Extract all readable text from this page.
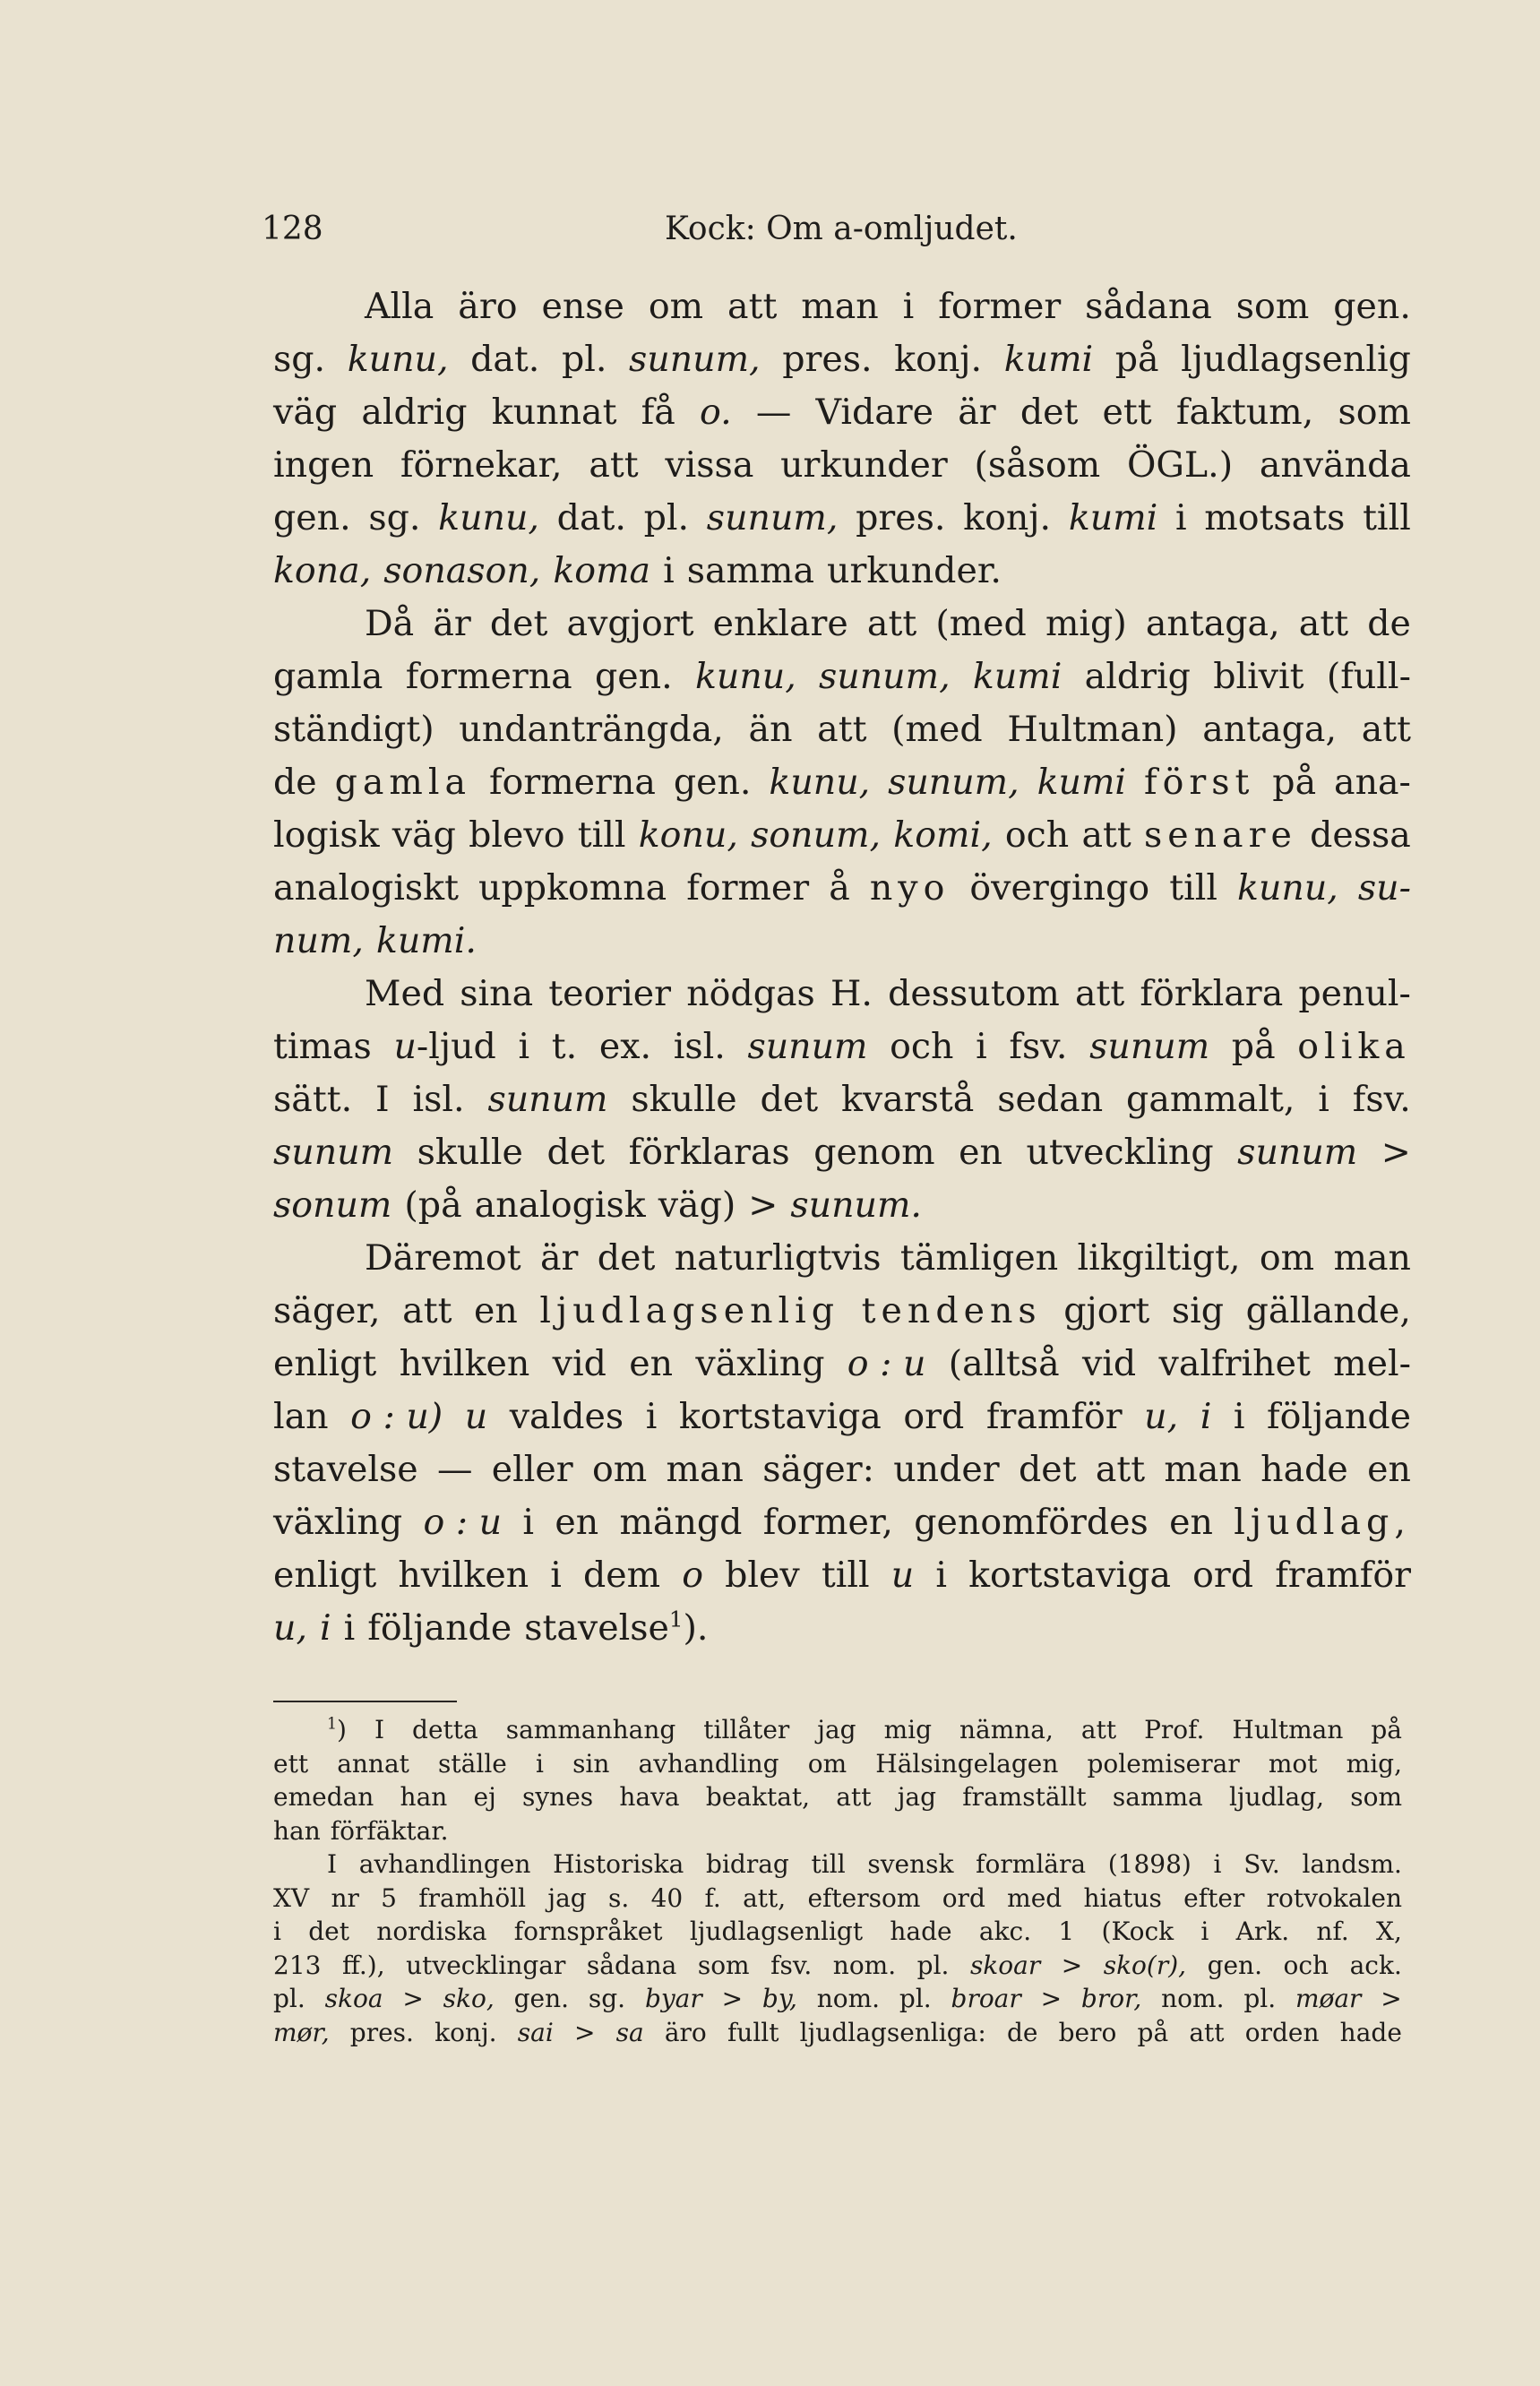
128	Kock: Om a-omljudet.
Alla äro ense om att man i former sådana som gen.
sg. kunu, dat. pl. sunum, pres. konj. kumi på ljudlagsenlig
väg aldrig kunnat få o. — Vidare är det ett faktum, som
ingen förnekar, att vissa urkunder (såsom ÖGL.) använda
gen. sg. kunu, dat. pl. sunum, pres. konj. kumi i motsats till
kona, sonason, koma i samma urkunder.
Då är det avgjort enklare att (med mig) antaga, att de
gamla formerna gen. kunu, sunum, kumi aldrig blivit (full-
ständigt) undanträngda, än att (med Hultman) antaga, att
de gamla formerna gen. kunu, sunum, kumi först på ana-
logisk väg blevo till konu, sonum, komi, och att senare dessa
analogiskt uppkomna former å nyo övergingo till kunu, su-
num, kumi.
Med sina teorier nödgas H. dessutom att förklara penul-
timas u-ljud i t. ex. isl. sunum och i fsv. sunum på olika
sätt. I isl. sunum skulle det kvarstå sedan gammalt, i fsv.
sunum skulle det förklaras genom en utveckling sunum >
sonum (på analogisk väg) > sunum.
Däremot är det naturligtvis tämligen likgiltigt, om man
säger, att en ljudlagsenlig tendens gjort sig gällande,
enligt hvilken vid en växling o : u (alltså vid valfrihet mel-
lan o : u) u valdes i kortstaviga ord framför u, i i följande
stavelse — eller om man säger: under det att man hade en
växling o : u i en mängd former, genomfördes en ljudlag,
enligt hvilken i dem o blev till u i kortstaviga ord framför
u, i i följande stavelse$^1$).
$^1$) I detta sammanhang tillåter jag mig nämna, att Prof. Hultman på
ett annat ställe i sin avhandling om Hälsingelagen polemiserar mot mig,
emedan han ej synes hava beaktat, att jag framställt samma ljudlag, som
han förfäktar.
I avhandlingen Historiska bidrag till svensk formlära (1898) i Sv. landsm.
XV nr 5 framhöll jag s. 40 f. att, eftersom ord med hiatus efter rotvokalen
i det nordiska fornspråket ljudlagsenligt hade akc. 1 (Kock i Ark. nf. X,
213 ff.), utvecklingar sådana som fsv. nom. pl. skoar > sko(r), gen. och ack.
pl. skoa > sko, gen. sg. byar > by, nom. pl. broar > bror, nom. pl. møar >
mør, pres. konj. sai > sa äro fullt ljudlagsenliga: de bero på att orden hade
